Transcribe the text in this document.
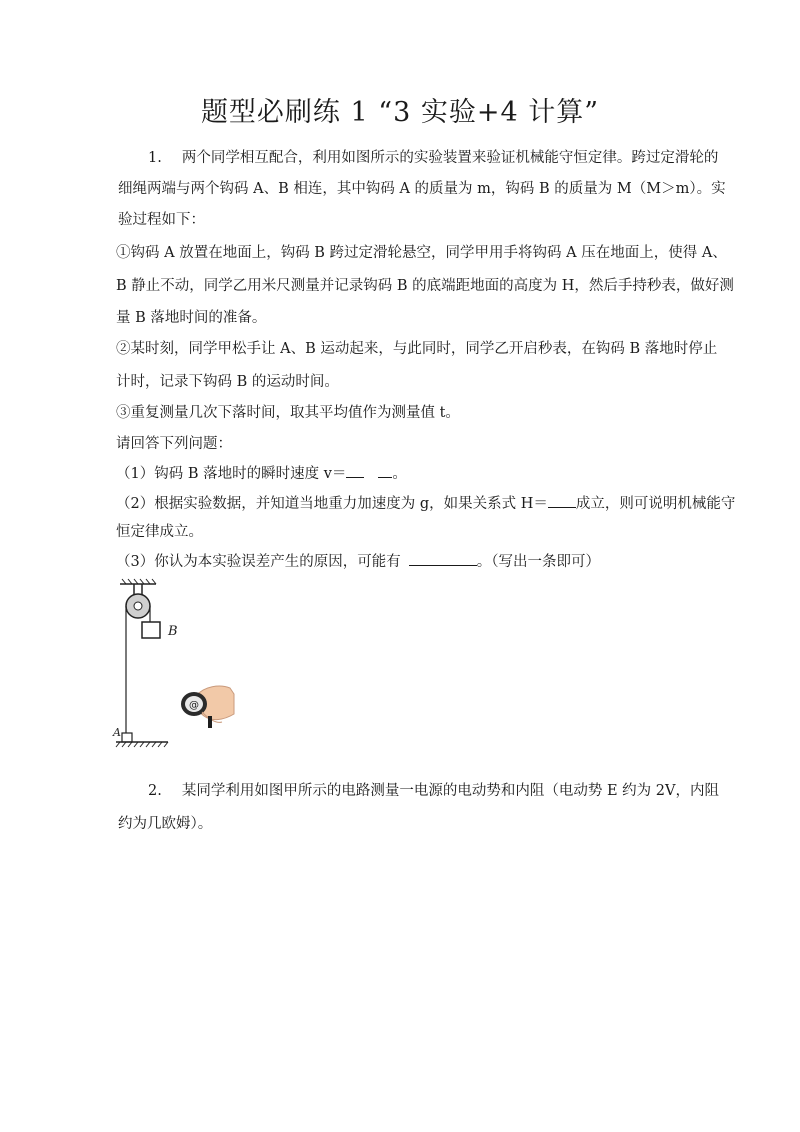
题型必刷练 1 “3 实验+4 计算”
1. 两个同学相互配合，利用如图所示的实验装置来验证机械能守恒定律。跨过定滑轮的
细绳两端与两个钩码 A、B 相连，其中钩码 A 的质量为 m，钩码 B 的质量为 M（M＞m）。实
验过程如下：
①钩码 A 放置在地面上，钩码 B 跨过定滑轮悬空，同学甲用手将钩码 A 压在地面上，使得 A、
B 静止不动，同学乙用米尺测量并记录钩码 B 的底端距地面的高度为 H，然后手持秒表，做好测
量 B 落地时间的准备。
②某时刻，同学甲松手让 A、B 运动起来，与此同时，同学乙开启秒表，在钩码 B 落地时停止
计时，记录下钩码 B 的运动时间。
③重复测量几次下落时间，取其平均值作为测量值 t。
请回答下列问题：
（1）钩码 B 落地时的瞬时速度 v＝	。
（2）根据实验数据，并知道当地重力加速度为 g，如果关系式 H＝ 成立，则可说明机械能守
恒定律成立。
（3）你认为本实验误差产生的原因，可能有	。（写出一条即可）
B
A
@
2. 某同学利用如图甲所示的电路测量一电源的电动势和内阻（电动势 E 约为 2V，内阻
约为几欧姆）。
